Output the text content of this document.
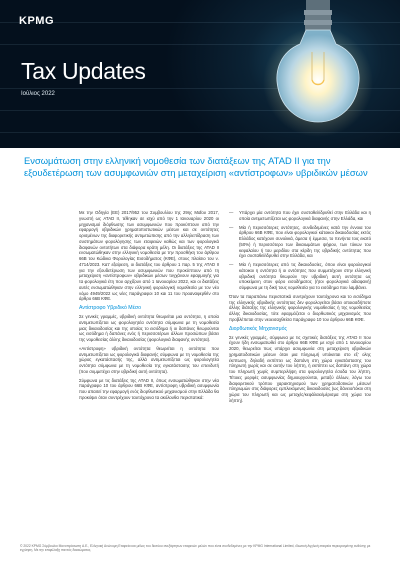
KPMG
Tax Updates
Ιούλιος 2022
Ενσωμάτωση στην ελληνική νομοθεσία των διατάξεων της ATAD II για την εξουδετέρωση των ασυμφωνιών στη μεταχείριση «αντίστροφων» υβριδικών μέσων

Με την Οδηγία (ΕΕ) 2017/952 του Συμβουλίου της 29ης Μαΐου 2017, γνωστή ως ATAD II, τέθηκαν σε ισχύ από την 1 Ιανουαρίου 2020 οι μηχανισμοί διόρθωσης των ασυμφωνιών που προκύπτουν από την εφαρμογή υβριδικών χρηματοπιστωτικών μέσων και σε οντότητες ορισμένων της διαφορετικής αντιμετώπισης από την αλληλεπίδραση των συστημάτων φορολόγησης των εταιρειών καθώς και των φορολογικά διαφανών οντοτήτων στα διάφορα κράτη μέλη. Οι διατάξεις της ATAD II ενσωματώθηκαν στην ελληνική νομοθεσία με την προσθήκη του άρθρου 66Β του Κώδικα Φορολογίας Εισοδήματος (ΚΦΕ), στους πλαίσιο του ν. 4714/2023. Κατ' εξαίρεση, οι διατάξεις του άρθρου 1 παρ. 5 της ATAD II για την εξουδετέρωση των ασυμφωνιών που προκύπτουν από τη μεταχείριση «αντίστροφων» υβριδικών μέσων τυγχάνουν εφαρμογής για τα φορολογικά έτη που αρχίζουν από 1 Ιανουαρίου 2022, και οι διατάξεις αυτές ενσωματώθηκαν στην ελληνική φορολογική νομοθεσία με τον νέο νόμο 4949/2022 ως νέες παράγραφοι 10 και 11 του προαναφερθέν στο άρθρο 66Β ΚΦΕ.

Αντίστροφο Υβριδικό Μέσο

Σε γενικές γραμμές, υβριδική οντότητα θεωρείται μια οντότητα, η οποία αντιμετωπίζεται ως φορολογητέα οντότητα σύμφωνα με τη νομοθεσία μιας δικαιοδοσίας και της οποίας το εισόδημα ή οι δαπάνες θεωρούνται ως εισόδημα ή δαπάνες ενός ή περισσοτέρων άλλων προσώπων βάσει της νομοθεσίας άλλης δικαιοδοσίας (φορολογικά διαφανής οντότητα).

«Αντίστροφη» υβριδική οντότητα θεωρείται η οντότητα που αντιμετωπίζεται ως φορολογικά διαφανής σύμφωνα με τη νομοθεσία της χώρας εγκατάστασής της, αλλά αντιμετωπίζεται ως φορολογητέα οντότητα σύμφωνα με τη νομοθεσία της εγκατάστασης του επενδυτή (που συμμετέχει στην υβριδική αυτή οντότητα).

Σύμφωνα με τις διατάξεις της ATAD II, όπως ενσωματώθηκαν στην νέα παράγραφο 10 του άρθρου 66Β ΚΦΕ, αντίστροφη υβριδική ασυμφωνία που απαιτεί την εφαρμογή ενός διορθωτικού μηχανισμού στην Ελλάδα θα προκύψει όταν συντρέχουν ταυτόχρονα τα ακόλουθα περιστατικά:

— Υπάρχει μία οντότητα που έχει συσταθεί/ιδρυθεί στην Ελλάδα και η οποία αντιμετωπίζεται ως φορολογικά διαφανής στην Ελλάδα, και
— Μία ή περισσότερες οντότητες, συνδεδεμένες κατά την έννοια του άρθρου 66Β ΚΦΕ, που είναι φορολογικοί κάτοικοι δικαιοδοσίας εκτός Ελλάδος κατέχουν συνολικά, άμεσα ή έμμεσα, το πενήντα τοις εκατό (50%) ή περισσότερο των δικαιωμάτων ψήφου, των τόκων του κεφαλαίου ή του μεριδίου στα κέρδη της υβριδικής οντότητας που έχει συσταθεί/ιδρυθεί στην Ελλάδα, και
— Μία ή περισσότερες από τις δικαιοδοσίες, όπου είναι φορολογικοί κάτοικοι η οντότητα ή οι οντότητες που συμμετέχουν στην ελληνική υβριδική οντότητα θεωρούν την υβριδική αυτή οντότητα ως υποκείμενη στον φόρο εισοδήματος (ήτοι φορολογικά αδιαφανή) σύμφωνα με τη δική τους νομοθεσία για το εισόδημα που λαμβάνει.

Όταν τα παραπάνω περιστατικά συντρέχουν ταυτόχρονα και το εισόδημα της ελληνικής υβριδικής οντότητας δεν φορολογείται βάσει οποιασδήποτε άλλης διάταξης της ελληνικής φορολογικής νομοθεσίας ή της νομοθεσίας άλλης δικαιοδοσίας, τότε εφαρμόζεται ο διορθωτικός μηχανισμός που προβλέπεται στην νεοεισαχθείσα παράγραφο 10 του άρθρου 66Β ΚΦΕ.

Διορθωτικός Μηχανισμός

Σε γενικές γραμμές, σύμφωνα με τις σχετικές διατάξεις της ATAD II που έχουν ήδη ενσωματωθεί στο άρθρο 66Β ΚΦΕ με ισχύ από 1 Ιανουαρίου 2020, θεωρείται πως υπάρχει ασυμφωνία στη μεταχείριση υβριδικών χρηματοδοτικών μέσων όταν μια πληρωμή υπόκειται στο εξ' ολης έκπτωση, δηλαδή εκπίπτει ως δαπάνη στη χώρα εγκατάστασης του πληρωτή χωρίς και σε αυτήν του λήπτη, ή εκπίπτει ως δαπάνη στη χώρα του πληρωτή χωρίς συμπεριλήψη στα φορολογητέα έσοδα του λήπτη. Τέτοιες μορφές ασυμφωνίας δημιουργούνται, μεταξύ άλλων, λόγω του διαφορετικού τρόπου χαρακτηρισμού των χρηματοδοτικών μέσων/πληρωμών στις διάφορες εμπλεκόμενες δικαιοδοσίες (ως δάνειο/τόκοι στη χώρα του πληρωτή και ως μετοχές/κεφάλαιο/μέρισμα στη χώρα του λήπτη).

© 2022 KPMG Σύμβουλοι Μονοπρόσωπη Α.Ε., Ελληνική Ανώνυμη Εταιρεία και μέλος του δικτύου ανεξάρτητων εταιρειών μελών που είναι συνδεδεμένες με την KPMG International Limited, ιδιωτική Αγγλική εταιρεία περιορισμένης ευθύνης με εγγύηση. Με την επιφύλαξη παντός δικαιώματος.
